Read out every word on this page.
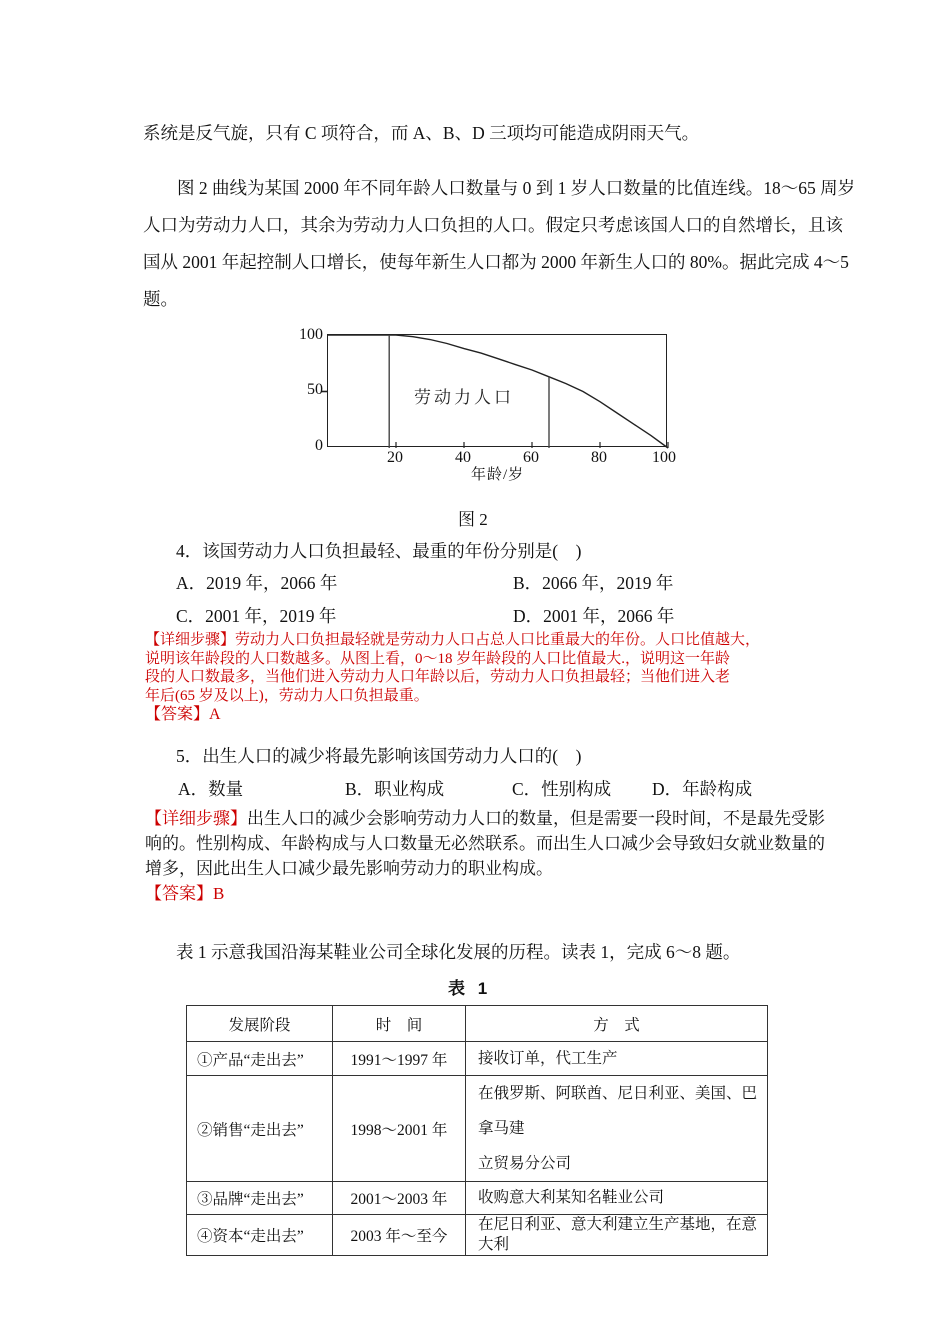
系统是反气旋，只有 C 项符合，而 A、B、D 三项均可能造成阴雨天气。
图 2 曲线为某国 2000 年不同年龄人口数量与 0 到 1 岁人口数量的比值连线。18～65 周岁
人口为劳动力人口，其余为劳动力人口负担的人口。假定只考虑该国人口的自然增长，且该
国从 2001 年起控制人口增长，使每年新生人口都为 2000 年新生人口的 80%。据此完成 4～5
题。
劳动力人口
100
50
0
20	40	60	80	100
年龄/岁
图 2
4．该国劳动力人口负担最轻、最重的年份分别是(　)
A．2019 年，2066 年	B．2066 年，2019 年
C．2001 年，2019 年	D．2001 年，2066 年
【详细步骤】劳动力人口负担最轻就是劳动力人口占总人口比重最大的年份。人口比值越大，
说明该年龄段的人口数越多。从图上看，0～18 岁年龄段的人口比值最大.，说明这一年龄
段的人口数最多，当他们进入劳动力人口年龄以后，劳动力人口负担最轻；当他们进入老
年后(65 岁及以上)，劳动力人口负担最重。
【答案】A
5．出生人口的减少将最先影响该国劳动力人口的(　)
A．数量	B．职业构成	C．性别构成 D．年龄构成
【详细步骤】出生人口的减少会影响劳动力人口的数量，但是需要一段时间，不是最先受影
响的。性别构成、年龄构成与人口数量无必然联系。而出生人口减少会导致妇女就业数量的
增多，因此出生人口减少最先影响劳动力的职业构成。
【答案】B
表 1 示意我国沿海某鞋业公司全球化发展的历程。读表 1，完成 6～8 题。
表 1
发展阶段	时　间	方　式
①产品“走出去”	1991～1997 年	接收订单，代工生产

②销售“走出去”	1998～2001 年	在俄罗斯、阿联酋、尼日利亚、美国、巴拿马建
立贸易分公司

③品牌“走出去”	2001～2003 年	收购意大利某知名鞋业公司

④资本“走出去”	2003 年～至今	在尼日利亚、意大利建立生产基地，在意大利
